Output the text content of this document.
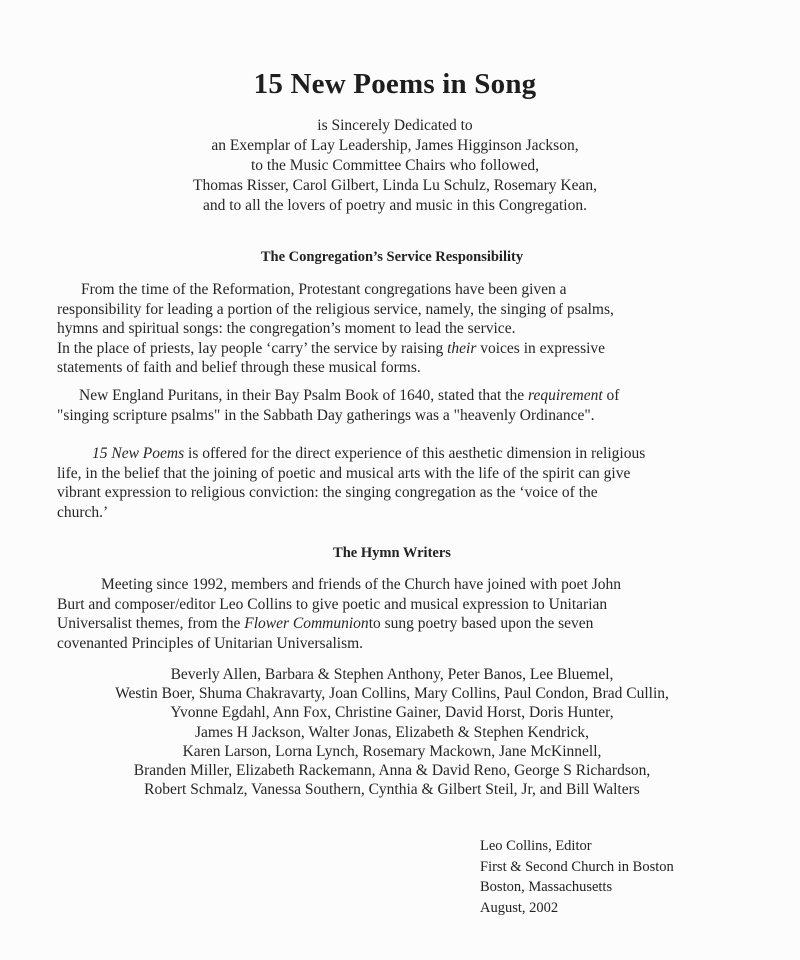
15 New Poems in Song
is Sincerely Dedicated to
an Exemplar of Lay Leadership, James Higginson Jackson,
to the Music Committee Chairs who followed,
Thomas Risser, Carol Gilbert, Linda Lu Schulz, Rosemary Kean,
and to all the lovers of poetry and music in this Congregation.
The Congregation’s Service Responsibility
From the time of the Reformation, Protestant congregations have been given a
responsibility for leading a portion of the religious service, namely, the singing of psalms,
hymns and spiritual songs: the congregation’s moment to lead the service.
In the place of priests, lay people ‘carry’ the service by raising their voices in expressive
statements of faith and belief through these musical forms.
New England Puritans, in their Bay Psalm Book of 1640, stated that the requirement of
"singing scripture psalms" in the Sabbath Day gatherings was a "heavenly Ordinance".
15 New Poems is offered for the direct experience of this aesthetic dimension in religious
life, in the belief that the joining of poetic and musical arts with the life of the spirit can give
vibrant expression to religious conviction: the singing congregation as the ‘voice of the
church.’
The Hymn Writers
Meeting since 1992, members and friends of the Church have joined with poet John
Burt and composer/editor Leo Collins to give poetic and musical expression to Unitarian
Universalist themes, from the Flower Communionto sung poetry based upon the seven
covenanted Principles of Unitarian Universalism.
Beverly Allen, Barbara & Stephen Anthony, Peter Banos, Lee Bluemel,
Westin Boer, Shuma Chakravarty, Joan Collins, Mary Collins, Paul Condon, Brad Cullin,
Yvonne Egdahl, Ann Fox, Christine Gainer, David Horst, Doris Hunter,
James H Jackson, Walter Jonas, Elizabeth & Stephen Kendrick,
Karen Larson, Lorna Lynch, Rosemary Mackown, Jane McKinnell,
Branden Miller, Elizabeth Rackemann, Anna & David Reno, George S Richardson,
Robert Schmalz, Vanessa Southern, Cynthia & Gilbert Steil, Jr, and Bill Walters
Leo Collins, Editor
First & Second Church in Boston
Boston, Massachusetts
August, 2002
